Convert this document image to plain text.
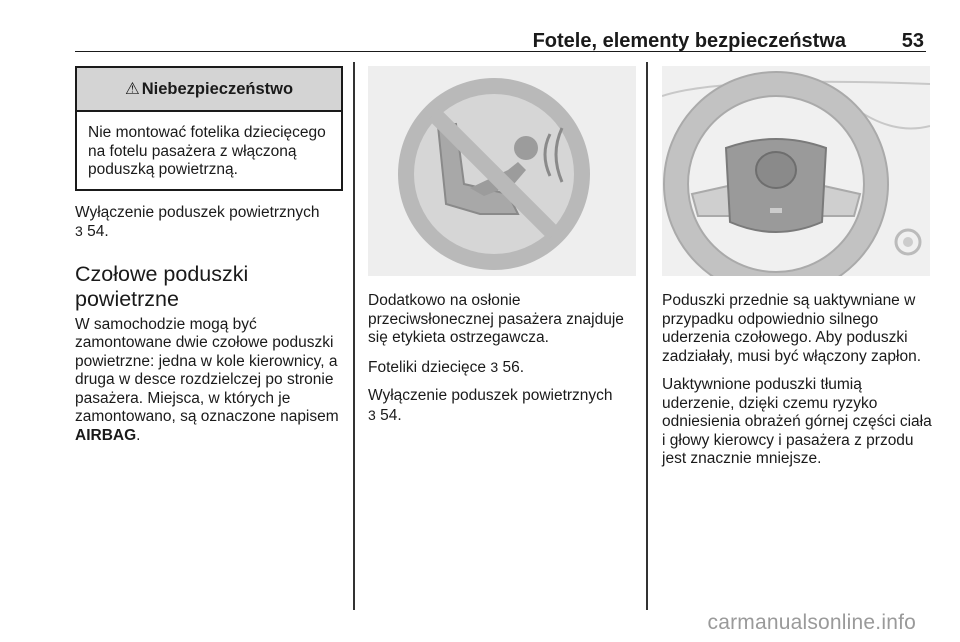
Fotele, elementy bezpieczeństwa	53
⚠ Niebezpieczeństwo
Nie montować fotelika dziecięcego na fotelu pasażera z włączoną poduszką powietrzną.

Wyłączenie poduszek powietrznych
3 54.

Czołowe poduszki powietrzne

W samochodzie mogą być zamontowane dwie czołowe poduszki powietrzne: jedna w kole kierownicy, a druga w desce rozdzielczej po stronie pasażera. Miejsca, w których je zamontowano, są oznaczone napisem AIRBAG.

Dodatkowo na osłonie przeciwsłonecznej pasażera znajduje się etykieta ostrzegawcza.

Foteliki dziecięce 3 56.

Wyłączenie poduszek powietrznych
3 54.

Poduszki przednie są uaktywniane w przypadku odpowiednio silnego uderzenia czołowego. Aby poduszki zadziałały, musi być włączony zapłon.

Uaktywnione poduszki tłumią uderzenie, dzięki czemu ryzyko odniesienia obrażeń górnej części ciała i głowy kierowcy i pasażera z przodu jest znacznie mniejsze.

carmanualsonline.info
